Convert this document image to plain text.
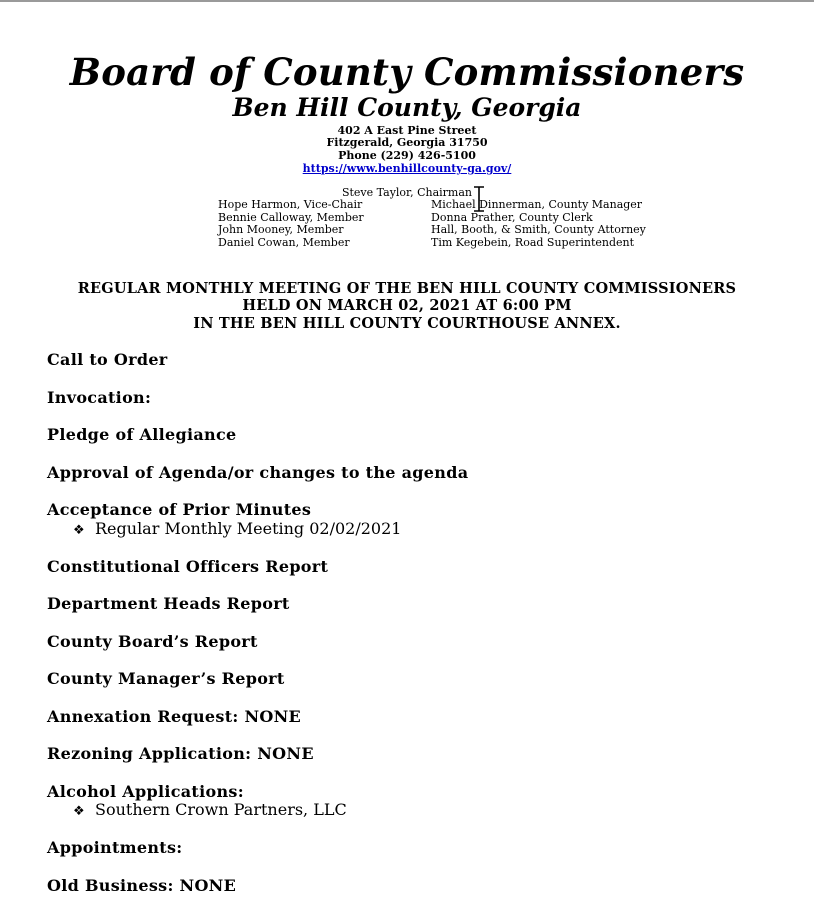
Board of County Commissioners
Ben Hill County, Georgia
402 A East Pine Street
Fitzgerald, Georgia 31750
Phone (229) 426-5100
https://www.benhillcounty-ga.gov/
Steve Taylor, Chairman
Hope Harmon, Vice-Chair
Bennie Calloway, Member
John Mooney, Member
Daniel Cowan, Member
Michael Dinnerman, County Manager
Donna Prather, County Clerk
Hall, Booth, & Smith, County Attorney
Tim Kegebein, Road Superintendent
REGULAR MONTHLY MEETING OF THE BEN HILL COUNTY COMMISSIONERS
HELD ON MARCH 02, 2021 AT 6:00 PM
IN THE BEN HILL COUNTY COURTHOUSE ANNEX.
Call to Order
Invocation:
Pledge of Allegiance
Approval of Agenda/or changes to the agenda
Acceptance of Prior Minutes
❖ Regular Monthly Meeting 02/02/2021
Constitutional Officers Report
Department Heads Report
County Board’s Report
County Manager’s Report
Annexation Request: NONE
Rezoning Application: NONE
Alcohol Applications:
❖ Southern Crown Partners, LLC
Appointments:
Old Business: NONE
